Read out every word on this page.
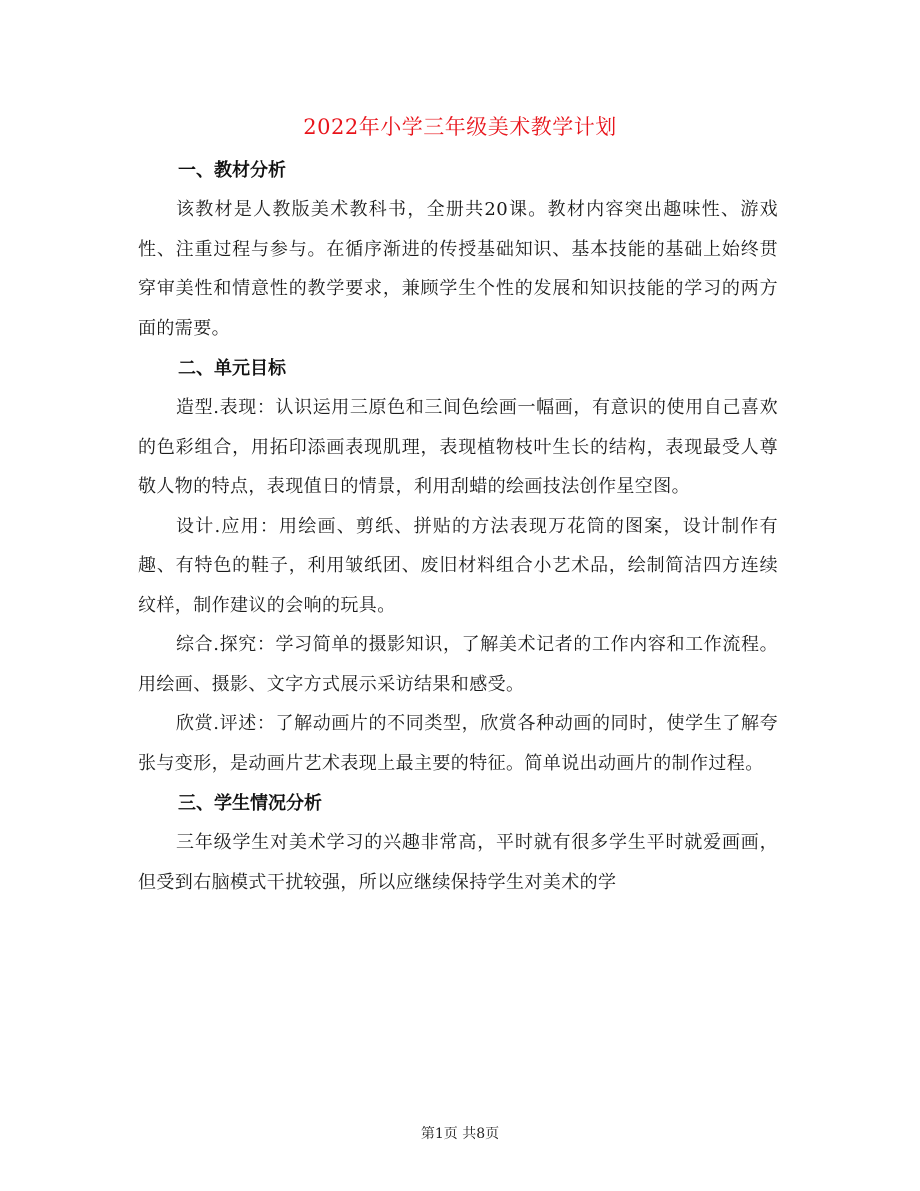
2022年小学三年级美术教学计划

一、教材分析

该教材是人教版美术教科书，全册共20课。教材内容突出趣味性、游戏性、注重过程与参与。在循序渐进的传授基础知识、基本技能的基础上始终贯穿审美性和情意性的教学要求，兼顾学生个性的发展和知识技能的学习的两方面的需要。

二、单元目标

造型.表现：认识运用三原色和三间色绘画一幅画，有意识的使用自己喜欢的色彩组合，用拓印添画表现肌理，表现植物枝叶生长的结构，表现最受人尊敬人物的特点，表现值日的情景，利用刮蜡的绘画技法创作星空图。

设计.应用：用绘画、剪纸、拼贴的方法表现万花筒的图案，设计制作有趣、有特色的鞋子，利用皱纸团、废旧材料组合小艺术品，绘制简洁四方连续纹样，制作建议的会响的玩具。

综合.探究：学习简单的摄影知识，了解美术记者的工作内容和工作流程。用绘画、摄影、文字方式展示采访结果和感受。

欣赏.评述：了解动画片的不同类型，欣赏各种动画的同时，使学生了解夸张与变形，是动画片艺术表现上最主要的特征。简单说出动画片的制作过程。

三、学生情况分析

三年级学生对美术学习的兴趣非常高，平时就有很多学生平时就爱画画，但受到右脑模式干扰较强，所以应继续保持学生对美术的学

第1页 共8页
